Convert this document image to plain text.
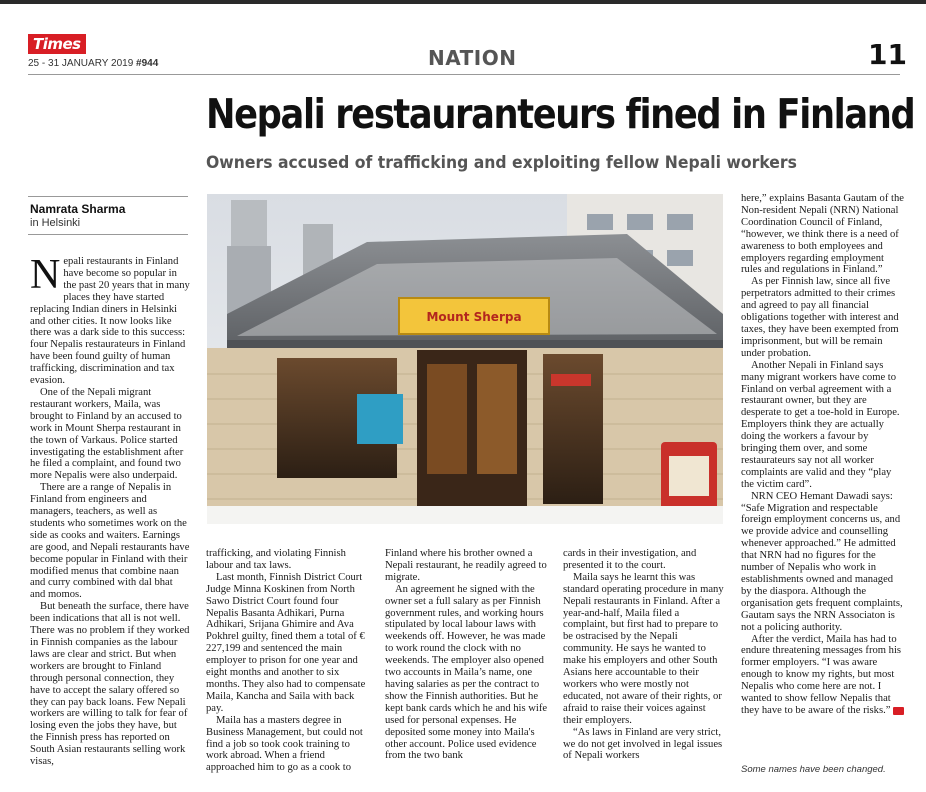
Times
25 - 31 JANUARY 2019 #944	NATION	11
Nepali restauranteurs fined in Finland
Owners accused of trafficking and exploiting fellow Nepali workers
Namrata Sharma
in Helsinki

Nepali restaurants in Finland have become so popular in the past 20 years that in many places they have started replacing Indian diners in Helsinki and other cities. It now looks like there was a dark side to this success: four Nepalis restaurateurs in Finland have been found guilty of human trafficking, discrimination and tax evasion.

One of the Nepali migrant restaurant workers, Maila, was brought to Finland by an accused to work in Mount Sherpa restaurant in the town of Varkaus. Police started investigating the establishment after he filed a complaint, and found two more Nepalis were also underpaid.

There are a range of Nepalis in Finland from engineers and managers, teachers, as well as students who sometimes work on the side as cooks and waiters. Earnings are good, and Nepali restaurants have become popular in Finland with their modified menus that combine naan and curry combined with dal bhat and momos.

But beneath the surface, there have been indications that all is not well. There was no problem if they worked in Finnish companies as the labour laws are clear and strict. But when workers are brought to Finland through personal connection, they have to accept the salary offered so they can pay back loans. Few Nepali workers are willing to talk for fear of losing even the jobs they have, but the Finnish press has reported on South Asian restaurants selling work visas,

Mount Sherpa

trafficking, and violating Finnish labour and tax laws.

Last month, Finnish District Court Judge Minna Koskinen from North Sawo District Court found four Nepalis Basanta Adhikari, Purna Adhikari, Srijana Ghimire and Ava Pokhrel guilty, fined them a total of € 227,199 and sentenced the main employer to prison for one year and eight months and another to six months. They also had to compensate Maila, Kancha and Saila with back pay.

Maila has a masters degree in Business Management, but could not find a job so took cook training to work abroad. When a friend approached him to go as a cook to

Finland where his brother owned a Nepali restaurant, he readily agreed to migrate.

An agreement he signed with the owner set a full salary as per Finnish government rules, and working hours stipulated by local labour laws with weekends off. However, he was made to work round the clock with no weekends. The employer also opened two accounts in Maila’s name, one having salaries as per the contract to show the Finnish authorities. But he kept bank cards which he and his wife used for personal expenses. He deposited some money into Maila's other account. Police used evidence from the two bank

cards in their investigation, and presented it to the court.

Maila says he learnt this was standard operating procedure in many Nepali restaurants in Finland. After a year-and-half, Maila filed a complaint, but first had to prepare to be ostracised by the Nepali community. He says he wanted to make his employers and other South Asians here accountable to their workers who were mostly not educated, not aware of their rights, or afraid to raise their voices against their employers.

“As laws in Finland are very strict, we do not get involved in legal issues of Nepali workers

here,” explains Basanta Gautam of the Non-resident Nepali (NRN) National Coordination Council of Finland, “however, we think there is a need of awareness to both employees and employers regarding employment rules and regulations in Finland.”

As per Finnish law, since all five perpetrators admitted to their crimes and agreed to pay all financial obligations together with interest and taxes, they have been exempted from imprisonment, but will be remain under probation.

Another Nepali in Finland says many migrant workers have come to Finland on verbal agreement with a restaurant owner, but they are desperate to get a toe-hold in Europe. Employers think they are actually doing the workers a favour by bringing them over, and some restaurateurs say not all worker complaints are valid and they “play the victim card”.

NRN CEO Hemant Dawadi says: “Safe Migration and respectable foreign employment concerns us, and we provide advice and counselling whenever approached.” He admitted that NRN had no figures for the number of Nepalis who work in establishments owned and managed by the diaspora. Although the organisation gets frequent complaints, Gautam says the NRN Associaton is not a policing authority.

After the verdict, Maila has had to endure threatening messages from his former employers. “I was aware enough to know my rights, but most Nepalis who come here are not. I wanted to show fellow Nepalis that they have to be aware of the risks.”

Some names have been changed.
